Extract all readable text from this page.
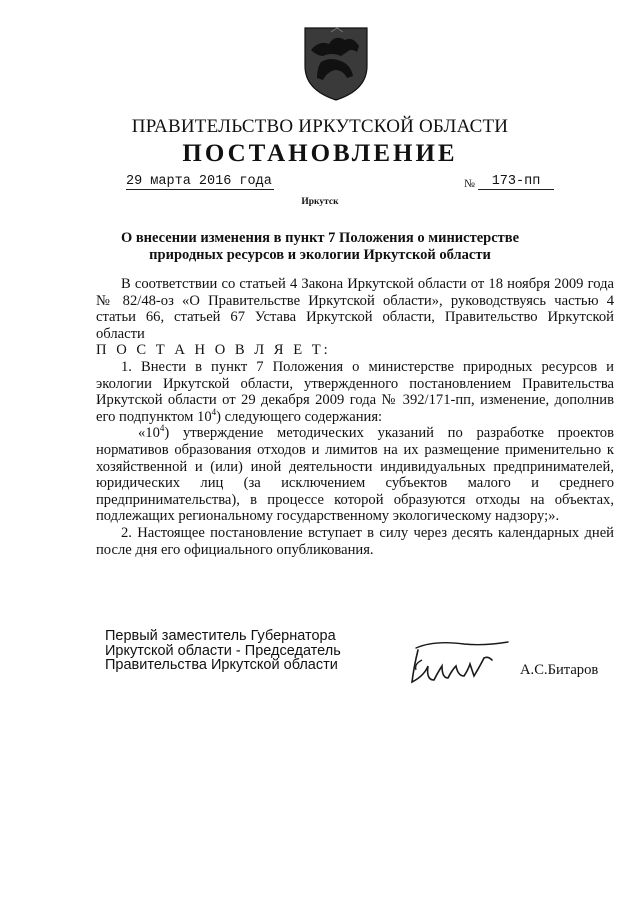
ПРАВИТЕЛЬСТВО ИРКУТСКОЙ ОБЛАСТИ
ПОСТАНОВЛЕНИЕ
29 марта 2016 года	№	173-пп
Иркутск
О внесении изменения в пункт 7 Положения о министерстве природных ресурсов и экологии Иркутской области

В соответствии со статьей 4 Закона Иркутской области от 18 ноября 2009 года № 82/48-оз «О Правительстве Иркутской области», руководствуясь частью 4 статьи 66, статьей 67 Устава Иркутской области, Правительство Иркутской области

П О С Т А Н О В Л Я Е Т:

1. Внести в пункт 7 Положения о министерстве природных ресурсов и экологии Иркутской области, утвержденного постановлением Правительства Иркутской области от 29 декабря 2009 года № 392/171-пп, изменение, дополнив его подпунктом $10^4$) следующего содержания:

«$10^4$) утверждение методических указаний по разработке проектов нормативов образования отходов и лимитов на их размещение применительно к хозяйственной и (или) иной деятельности индивидуальных предпринимателей, юридических лиц (за исключением субъектов малого и среднего предпринимательства), в процессе которой образуются отходы на объектах, подлежащих региональному государственному экологическому надзору;».

2. Настоящее постановление вступает в силу через десять календарных дней после дня его официального опубликования.

Первый заместитель Губернатора
Иркутской области - Председатель
Правительства Иркутской области	А.С.Битаров
